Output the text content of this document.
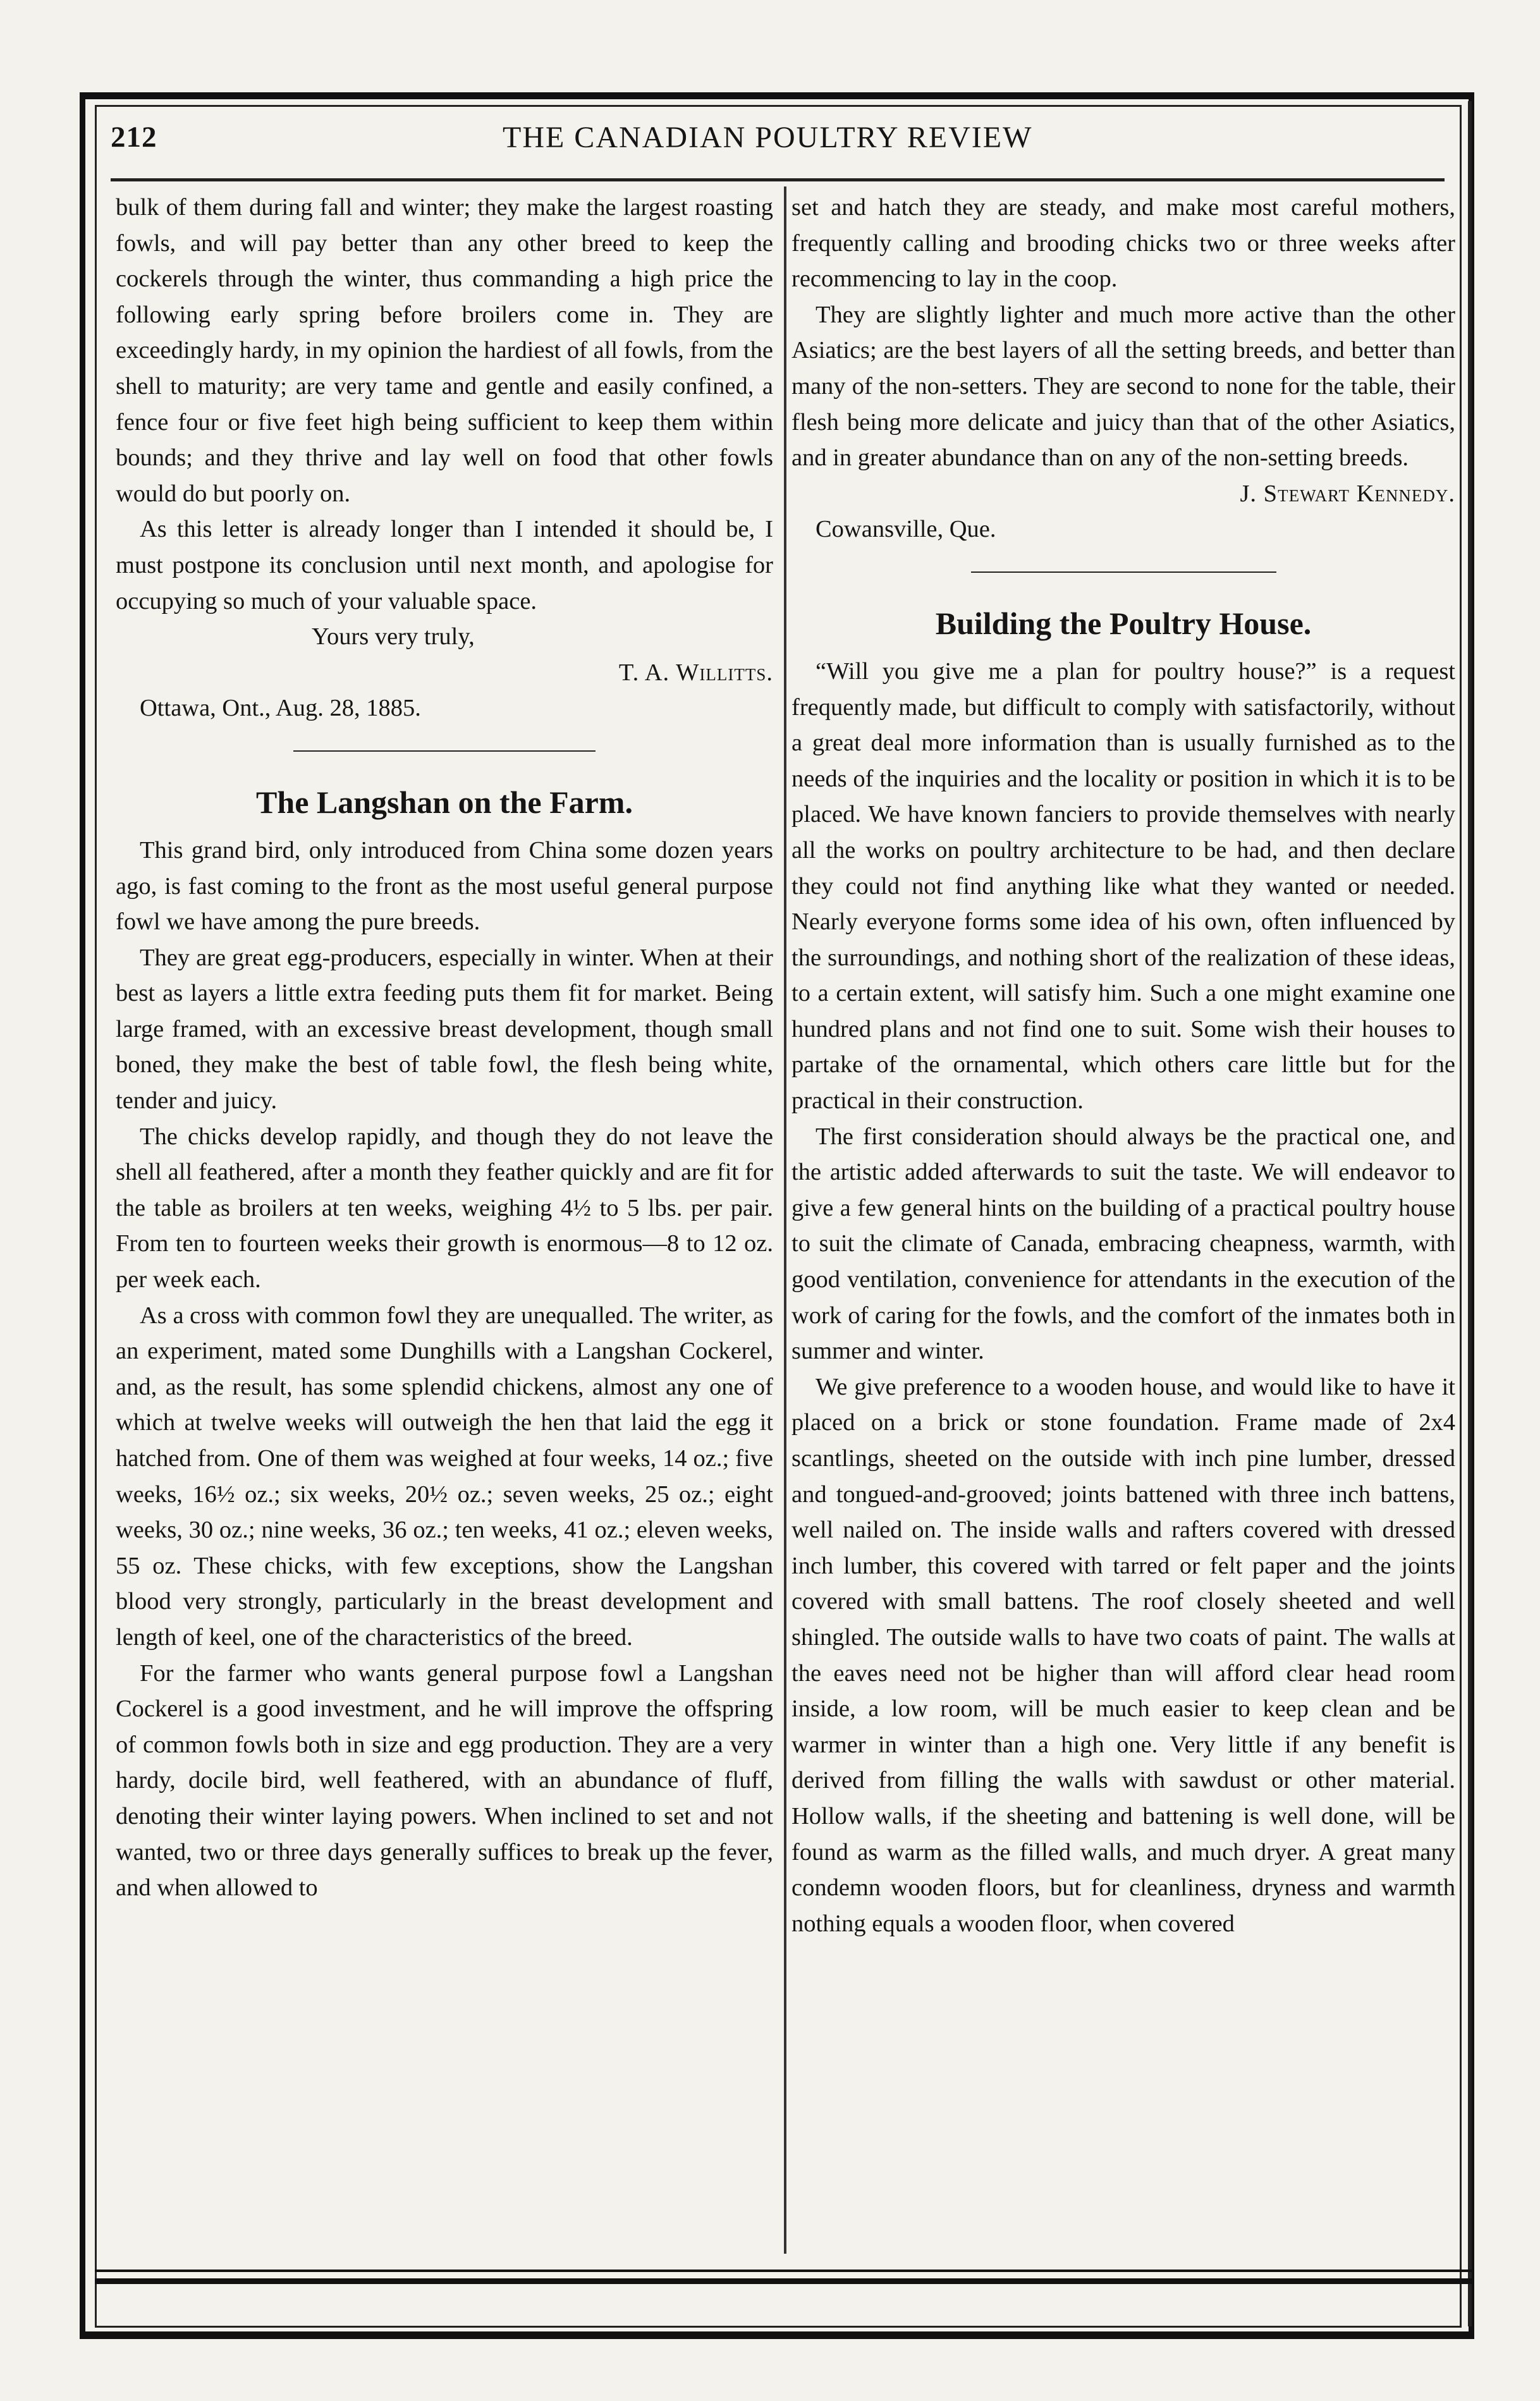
212	THE CANADIAN POULTRY REVIEW

bulk of them during fall and winter; they make the largest roasting fowls, and will pay better than any other breed to keep the cockerels through the winter, thus commanding a high price the following early spring before broilers come in. They are exceedingly hardy, in my opinion the hardiest of all fowls, from the shell to maturity; are very tame and gentle and easily confined, a fence four or five feet high being sufficient to keep them within bounds; and they thrive and lay well on food that other fowls would do but poorly on.

As this letter is already longer than I intended it should be, I must postpone its conclusion until next month, and apologise for occupying so much of your valuable space.

Yours very truly,

T. A. Willitts.

Ottawa, Ont., Aug. 28, 1885.

The Langshan on the Farm.

This grand bird, only introduced from China some dozen years ago, is fast coming to the front as the most useful general purpose fowl we have among the pure breeds.

They are great egg-producers, especially in winter. When at their best as layers a little extra feeding puts them fit for market. Being large framed, with an excessive breast development, though small boned, they make the best of table fowl, the flesh being white, tender and juicy.

The chicks develop rapidly, and though they do not leave the shell all feathered, after a month they feather quickly and are fit for the table as broilers at ten weeks, weighing 4½ to 5 lbs. per pair. From ten to fourteen weeks their growth is enormous—8 to 12 oz. per week each.

As a cross with common fowl they are unequalled. The writer, as an experiment, mated some Dunghills with a Langshan Cockerel, and, as the result, has some splendid chickens, almost any one of which at twelve weeks will outweigh the hen that laid the egg it hatched from. One of them was weighed at four weeks, 14 oz.; five weeks, 16½ oz.; six weeks, 20½ oz.; seven weeks, 25 oz.; eight weeks, 30 oz.; nine weeks, 36 oz.; ten weeks, 41 oz.; eleven weeks, 55 oz. These chicks, with few exceptions, show the Langshan blood very strongly, particularly in the breast development and length of keel, one of the characteristics of the breed.

For the farmer who wants general purpose fowl a Langshan Cockerel is a good investment, and he will improve the offspring of common fowls both in size and egg production. They are a very hardy, docile bird, well feathered, with an abundance of fluff, denoting their winter laying powers. When inclined to set and not wanted, two or three days generally suffices to break up the fever, and when allowed to

set and hatch they are steady, and make most careful mothers, frequently calling and brooding chicks two or three weeks after recommencing to lay in the coop.

They are slightly lighter and much more active than the other Asiatics; are the best layers of all the setting breeds, and better than many of the non-setters. They are second to none for the table, their flesh being more delicate and juicy than that of the other Asiatics, and in greater abundance than on any of the non-setting breeds.

J. Stewart Kennedy.

Cowansville, Que.

Building the Poultry House.

“Will you give me a plan for poultry house?” is a request frequently made, but difficult to comply with satisfactorily, without a great deal more information than is usually furnished as to the needs of the inquiries and the locality or position in which it is to be placed. We have known fanciers to provide themselves with nearly all the works on poultry architecture to be had, and then declare they could not find anything like what they wanted or needed. Nearly everyone forms some idea of his own, often influenced by the surroundings, and nothing short of the realization of these ideas, to a certain extent, will satisfy him. Such a one might examine one hundred plans and not find one to suit. Some wish their houses to partake of the ornamental, which others care little but for the practical in their construction.

The first consideration should always be the practical one, and the artistic added afterwards to suit the taste. We will endeavor to give a few general hints on the building of a practical poultry house to suit the climate of Canada, embracing cheapness, warmth, with good ventilation, convenience for attendants in the execution of the work of caring for the fowls, and the comfort of the inmates both in summer and winter.

We give preference to a wooden house, and would like to have it placed on a brick or stone foundation. Frame made of 2x4 scantlings, sheeted on the outside with inch pine lumber, dressed and tongued-and-grooved; joints battened with three inch battens, well nailed on. The inside walls and rafters covered with dressed inch lumber, this covered with tarred or felt paper and the joints covered with small battens. The roof closely sheeted and well shingled. The outside walls to have two coats of paint. The walls at the eaves need not be higher than will afford clear head room inside, a low room, will be much easier to keep clean and be warmer in winter than a high one. Very little if any benefit is derived from filling the walls with sawdust or other material. Hollow walls, if the sheeting and battening is well done, will be found as warm as the filled walls, and much dryer. A great many condemn wooden floors, but for cleanliness, dryness and warmth nothing equals a wooden floor, when covered
